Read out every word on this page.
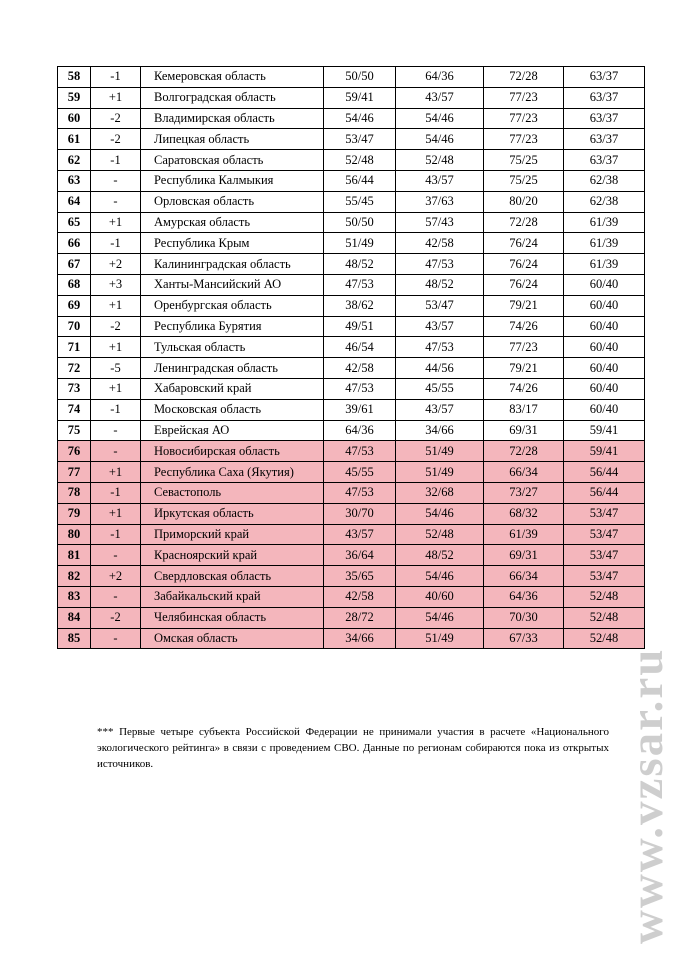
58	-1	Кемеровская область	50/50	64/36	72/28	63/37
59	+1	Волгоградская область	59/41	43/57	77/23	63/37
60	-2	Владимирская область	54/46	54/46	77/23	63/37
61	-2	Липецкая область	53/47	54/46	77/23	63/37
62	-1	Саратовская область	52/48	52/48	75/25	63/37
63	-	Республика Калмыкия	56/44	43/57	75/25	62/38
64	-	Орловская область	55/45	37/63	80/20	62/38
65	+1	Амурская область	50/50	57/43	72/28	61/39
66	-1	Республика Крым	51/49	42/58	76/24	61/39
67	+2	Калининградская область	48/52	47/53	76/24	61/39
68	+3	Ханты-Мансийский АО	47/53	48/52	76/24	60/40
69	+1	Оренбургская область	38/62	53/47	79/21	60/40
70	-2	Республика Бурятия	49/51	43/57	74/26	60/40
71	+1	Тульская область	46/54	47/53	77/23	60/40
72	-5	Ленинградская область	42/58	44/56	79/21	60/40
73	+1	Хабаровский край	47/53	45/55	74/26	60/40
74	-1	Московская область	39/61	43/57	83/17	60/40
75	-	Еврейская АО	64/36	34/66	69/31	59/41
76	-	Новосибирская область	47/53	51/49	72/28	59/41
77	+1	Республика Саха (Якутия)	45/55	51/49	66/34	56/44
78	-1	Севастополь	47/53	32/68	73/27	56/44
79	+1	Иркутская область	30/70	54/46	68/32	53/47
80	-1	Приморский край	43/57	52/48	61/39	53/47
81	-	Красноярский край	36/64	48/52	69/31	53/47
82	+2	Свердловская область	35/65	54/46	66/34	53/47
83	-	Забайкальский край	42/58	40/60	64/36	52/48
84	-2	Челябинская область	28/72	54/46	70/30	52/48
85	-	Омская область	34/66	51/49	67/33	52/48

*** Первые четыре субъекта Российской Федерации не принимали участия в расчете «Национального экологического рейтинга» в связи с проведением СВО. Данные по регионам собираются пока из открытых источников.	www.vzsar.ru
